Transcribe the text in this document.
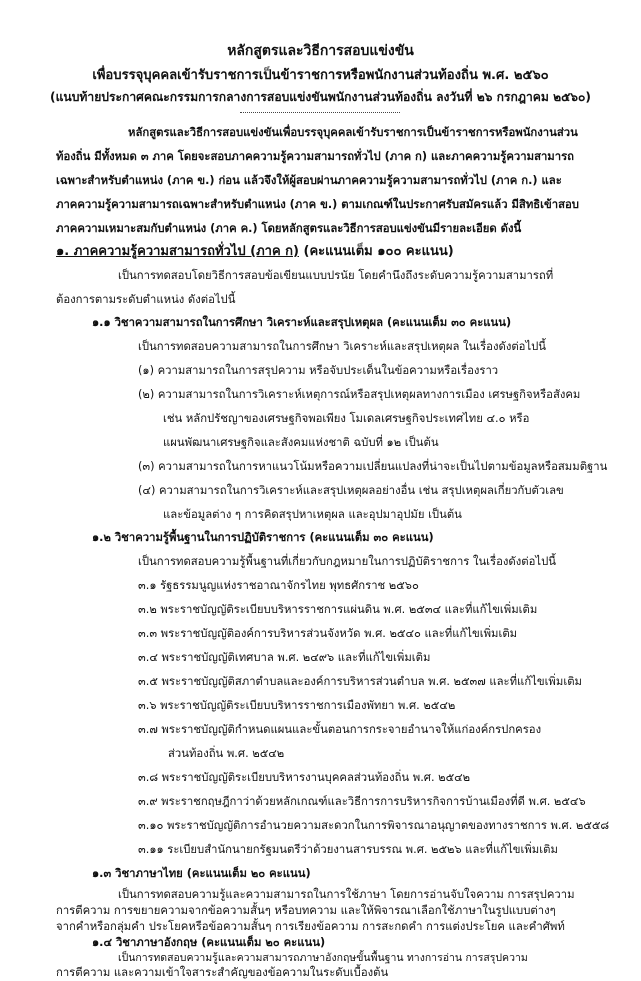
หลักสูตรและวิธีการสอบแข่งขัน
เพื่อบรรจุบุคคลเข้ารับราชการเป็นข้าราชการหรือพนักงานส่วนท้องถิ่น พ.ศ. ๒๕๖๐
(แนบท้ายประกาศคณะกรรมการกลางการสอบแข่งขันพนักงานส่วนท้องถิ่น ลงวันที่ ๒๖ กรกฎาคม ๒๕๖๐)
หลักสูตรและวิธีการสอบแข่งขันเพื่อบรรจุบุคคลเข้ารับราชการเป็นข้าราชการหรือพนักงานส่วน
ท้องถิ่น มีทั้งหมด ๓ ภาค โดยจะสอบภาคความรู้ความสามารถทั่วไป (ภาค ก) และภาคความรู้ความสามารถ
เฉพาะสำหรับตำแหน่ง (ภาค ข.) ก่อน แล้วจึงให้ผู้สอบผ่านภาคความรู้ความสามารถทั่วไป (ภาค ก.) และ
ภาคความรู้ความสามารถเฉพาะสำหรับตำแหน่ง (ภาค ข.) ตามเกณฑ์ในประกาศรับสมัครแล้ว มีสิทธิเข้าสอบ
ภาคความเหมาะสมกับตำแหน่ง (ภาค ค.) โดยหลักสูตรและวิธีการสอบแข่งขันมีรายละเอียด ดังนี้
๑. ภาคความรู้ความสามารถทั่วไป (ภาค ก) (คะแนนเต็ม ๑๐๐ คะแนน)
เป็นการทดสอบโดยวิธีการสอบข้อเขียนแบบปรนัย โดยคำนึงถึงระดับความรู้ความสามารถที่
ต้องการตามระดับตำแหน่ง ดังต่อไปนี้
๑.๑ วิชาความสามารถในการศึกษา วิเคราะห์และสรุปเหตุผล (คะแนนเต็ม ๓๐ คะแนน)
เป็นการทดสอบความสามารถในการศึกษา วิเคราะห์และสรุปเหตุผล ในเรื่องดังต่อไปนี้
(๑) ความสามารถในการสรุปความ หรือจับประเด็นในข้อความหรือเรื่องราว
(๒) ความสามารถในการวิเคราะห์เหตุการณ์หรือสรุปเหตุผลทางการเมือง เศรษฐกิจหรือสังคม
เช่น หลักปรัชญาของเศรษฐกิจพอเพียง โมเดลเศรษฐกิจประเทศไทย ๔.๐ หรือ
แผนพัฒนาเศรษฐกิจและสังคมแห่งชาติ ฉบับที่ ๑๒ เป็นต้น
(๓) ความสามารถในการหาแนวโน้มหรือความเปลี่ยนแปลงที่น่าจะเป็นไปตามข้อมูลหรือสมมติฐาน
(๔) ความสามารถในการวิเคราะห์และสรุปเหตุผลอย่างอื่น เช่น สรุปเหตุผลเกี่ยวกับตัวเลข
และข้อมูลต่าง ๆ การคิดสรุปหาเหตุผล และอุปมาอุปมัย เป็นต้น
๑.๒ วิชาความรู้พื้นฐานในการปฏิบัติราชการ (คะแนนเต็ม ๓๐ คะแนน)
เป็นการทดสอบความรู้พื้นฐานที่เกี่ยวกับกฎหมายในการปฏิบัติราชการ ในเรื่องดังต่อไปนี้
๓.๑ รัฐธรรมนูญแห่งราชอาณาจักรไทย พุทธศักราช ๒๕๖๐
๓.๒ พระราชบัญญัติระเบียบบริหารราชการแผ่นดิน พ.ศ. ๒๕๓๔ และที่แก้ไขเพิ่มเติม
๓.๓ พระราชบัญญัติองค์การบริหารส่วนจังหวัด พ.ศ. ๒๕๔๐ และที่แก้ไขเพิ่มเติม
๓.๔ พระราชบัญญัติเทศบาล พ.ศ. ๒๔๙๖ และที่แก้ไขเพิ่มเติม
๓.๕ พระราชบัญญัติสภาตำบลและองค์การบริหารส่วนตำบล พ.ศ. ๒๕๓๗ และที่แก้ไขเพิ่มเติม
๓.๖ พระราชบัญญัติระเบียบบริหารราชการเมืองพัทยา พ.ศ. ๒๕๔๒
๓.๗ พระราชบัญญัติกำหนดแผนและขั้นตอนการกระจายอำนาจให้แก่องค์กรปกครอง
ส่วนท้องถิ่น พ.ศ. ๒๕๔๒
๓.๘ พระราชบัญญัติระเบียบบริหารงานบุคคลส่วนท้องถิ่น พ.ศ. ๒๕๔๒
๓.๙ พระราชกฤษฎีกาว่าด้วยหลักเกณฑ์และวิธีการการบริหารกิจการบ้านเมืองที่ดี พ.ศ. ๒๕๔๖
๓.๑๐ พระราชบัญญัติการอำนวยความสะดวกในการพิจารณาอนุญาตของทางราชการ พ.ศ. ๒๕๕๘
๓.๑๑ ระเบียบสำนักนายกรัฐมนตรีว่าด้วยงานสารบรรณ พ.ศ. ๒๕๒๖ และที่แก้ไขเพิ่มเติม
๑.๓ วิชาภาษาไทย (คะแนนเต็ม ๒๐ คะแนน)
เป็นการทดสอบความรู้และความสามารถในการใช้ภาษา โดยการอ่านจับใจความ การสรุปความ
การตีความ การขยายความจากข้อความสั้นๆ หรือบทความ และให้พิจารณาเลือกใช้ภาษาในรูปแบบต่างๆ
จากคำหรือกลุ่มคำ ประโยคหรือข้อความสั้นๆ การเรียงข้อความ การสะกดคำ การแต่งประโยค และคำศัพท์
๑.๔ วิชาภาษาอังกฤษ (คะแนนเต็ม ๒๐ คะแนน)
เป็นการทดสอบความรู้และความสามารถภาษาอังกฤษขั้นพื้นฐาน ทางการอ่าน การสรุปความ
การตีความ และความเข้าใจสาระสำคัญของข้อความในระดับเบื้องต้น
